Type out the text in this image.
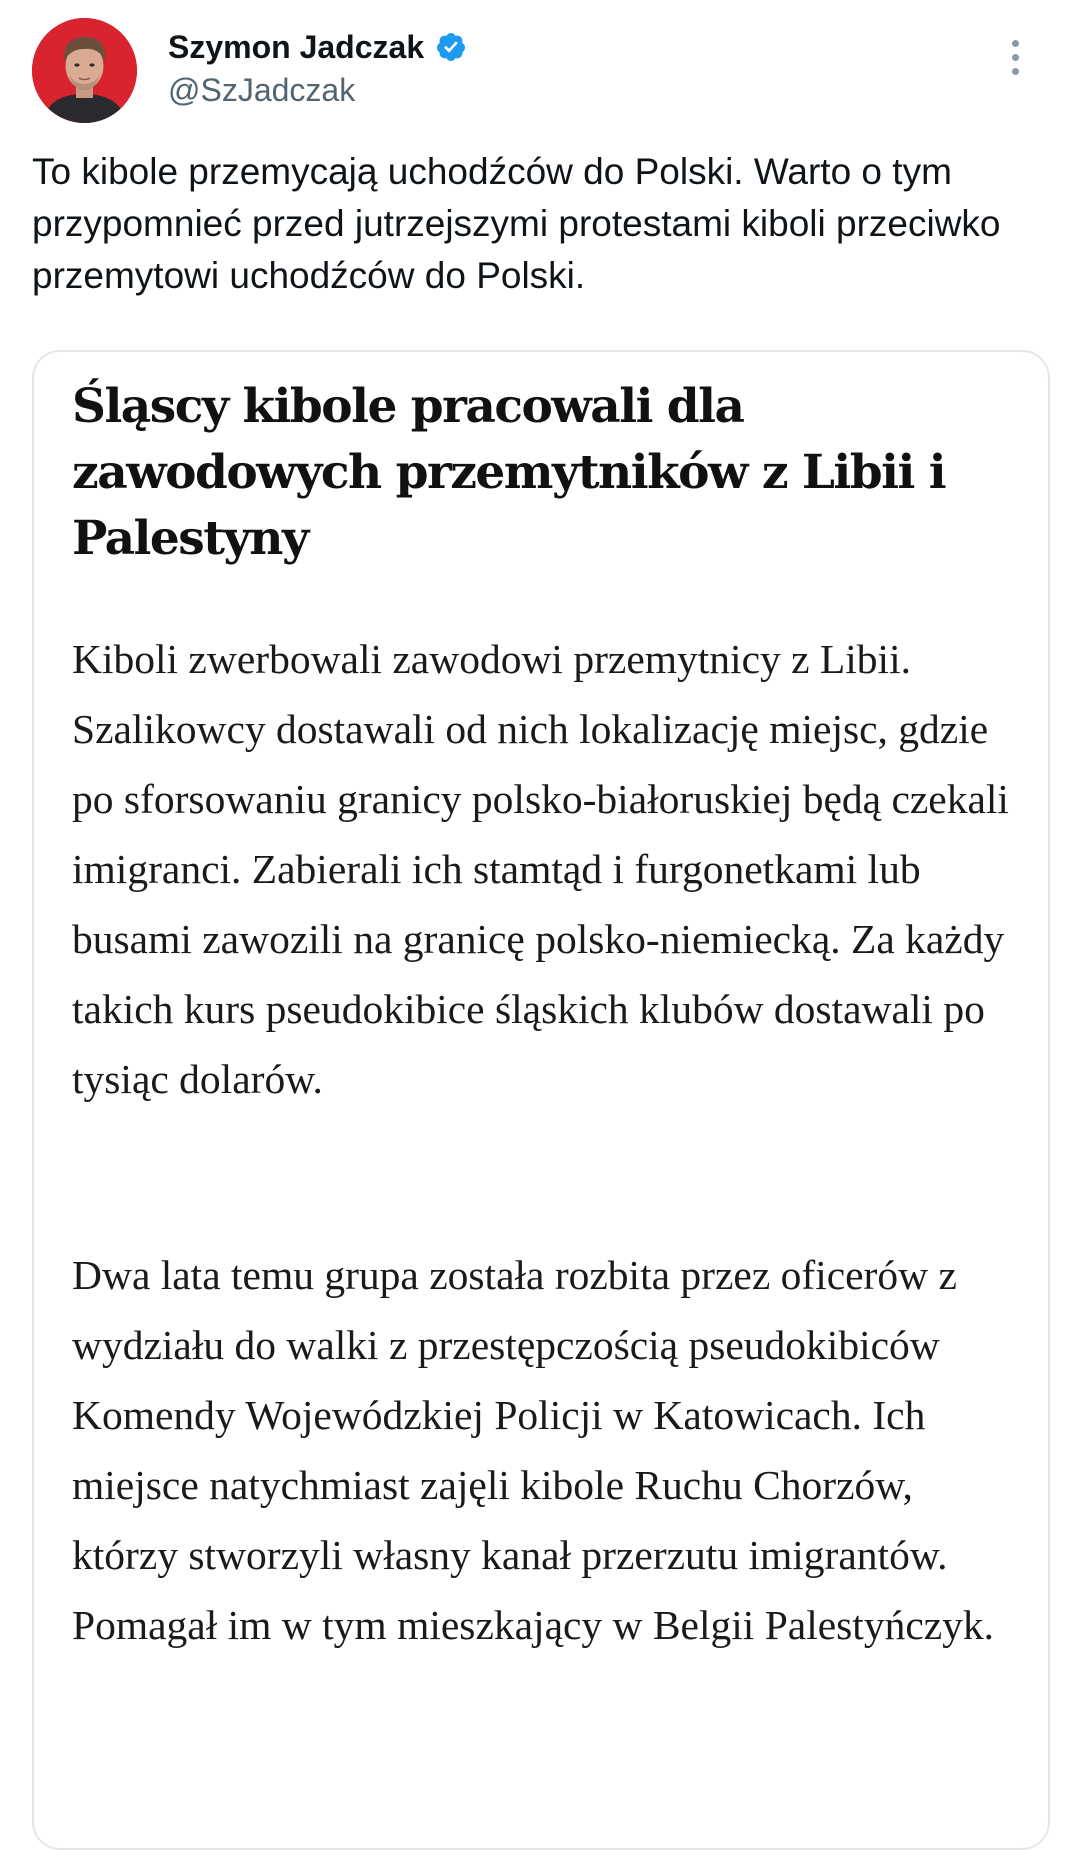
Szymon Jadczak
@SzJadczak

To kibole przemycają uchodźców do Polski. Warto o tym przypomnieć przed jutrzejszymi protestami kiboli przeciwko przemytowi uchodźców do Polski.

Śląscy kibole pracowali dla zawodowych przemytników z Libii i Palestyny

Kiboli zwerbowali zawodowi przemytnicy z Libii. Szalikowcy dostawali od nich lokalizację miejsc, gdzie po sforsowaniu granicy polsko-białoruskiej będą czekali imigranci. Zabierali ich stamtąd i furgonetkami lub busami zawozili na granicę polsko-niemiecką. Za każdy takich kurs pseudokibice śląskich klubów dostawali po tysiąc dolarów.

Dwa lata temu grupa została rozbita przez oficerów z wydziału do walki z przestępczością pseudokibiców Komendy Wojewódzkiej Policji w Katowicach. Ich miejsce natychmiast zajęli kibole Ruchu Chorzów, którzy stworzyli własny kanał przerzutu imigrantów. Pomagał im w tym mieszkający w Belgii Palestyńczyk.
